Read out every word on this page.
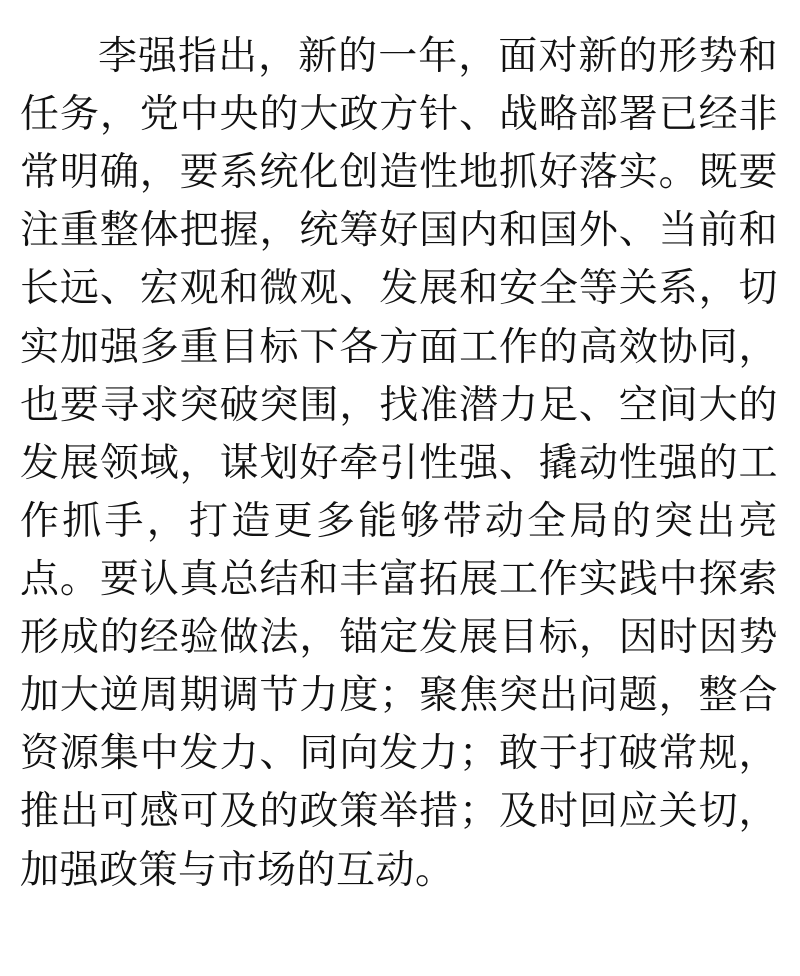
李强指出，新的一年，面对新的形势和任务，党中央的大政方针、战略部署已经非常明确，要系统化创造性地抓好落实。既要注重整体把握，统筹好国内和国外、当前和长远、宏观和微观、发展和安全等关系，切实加强多重目标下各方面工作的高效协同，也要寻求突破突围，找准潜力足、空间大的发展领域，谋划好牵引性强、撬动性强的工作抓手，打造更多能够带动全局的突出亮点。要认真总结和丰富拓展工作实践中探索形成的经验做法，锚定发展目标，因时因势加大逆周期调节力度；聚焦突出问题，整合资源集中发力、同向发力；敢于打破常规，推出可感可及的政策举措；及时回应关切，加强政策与市场的互动。
